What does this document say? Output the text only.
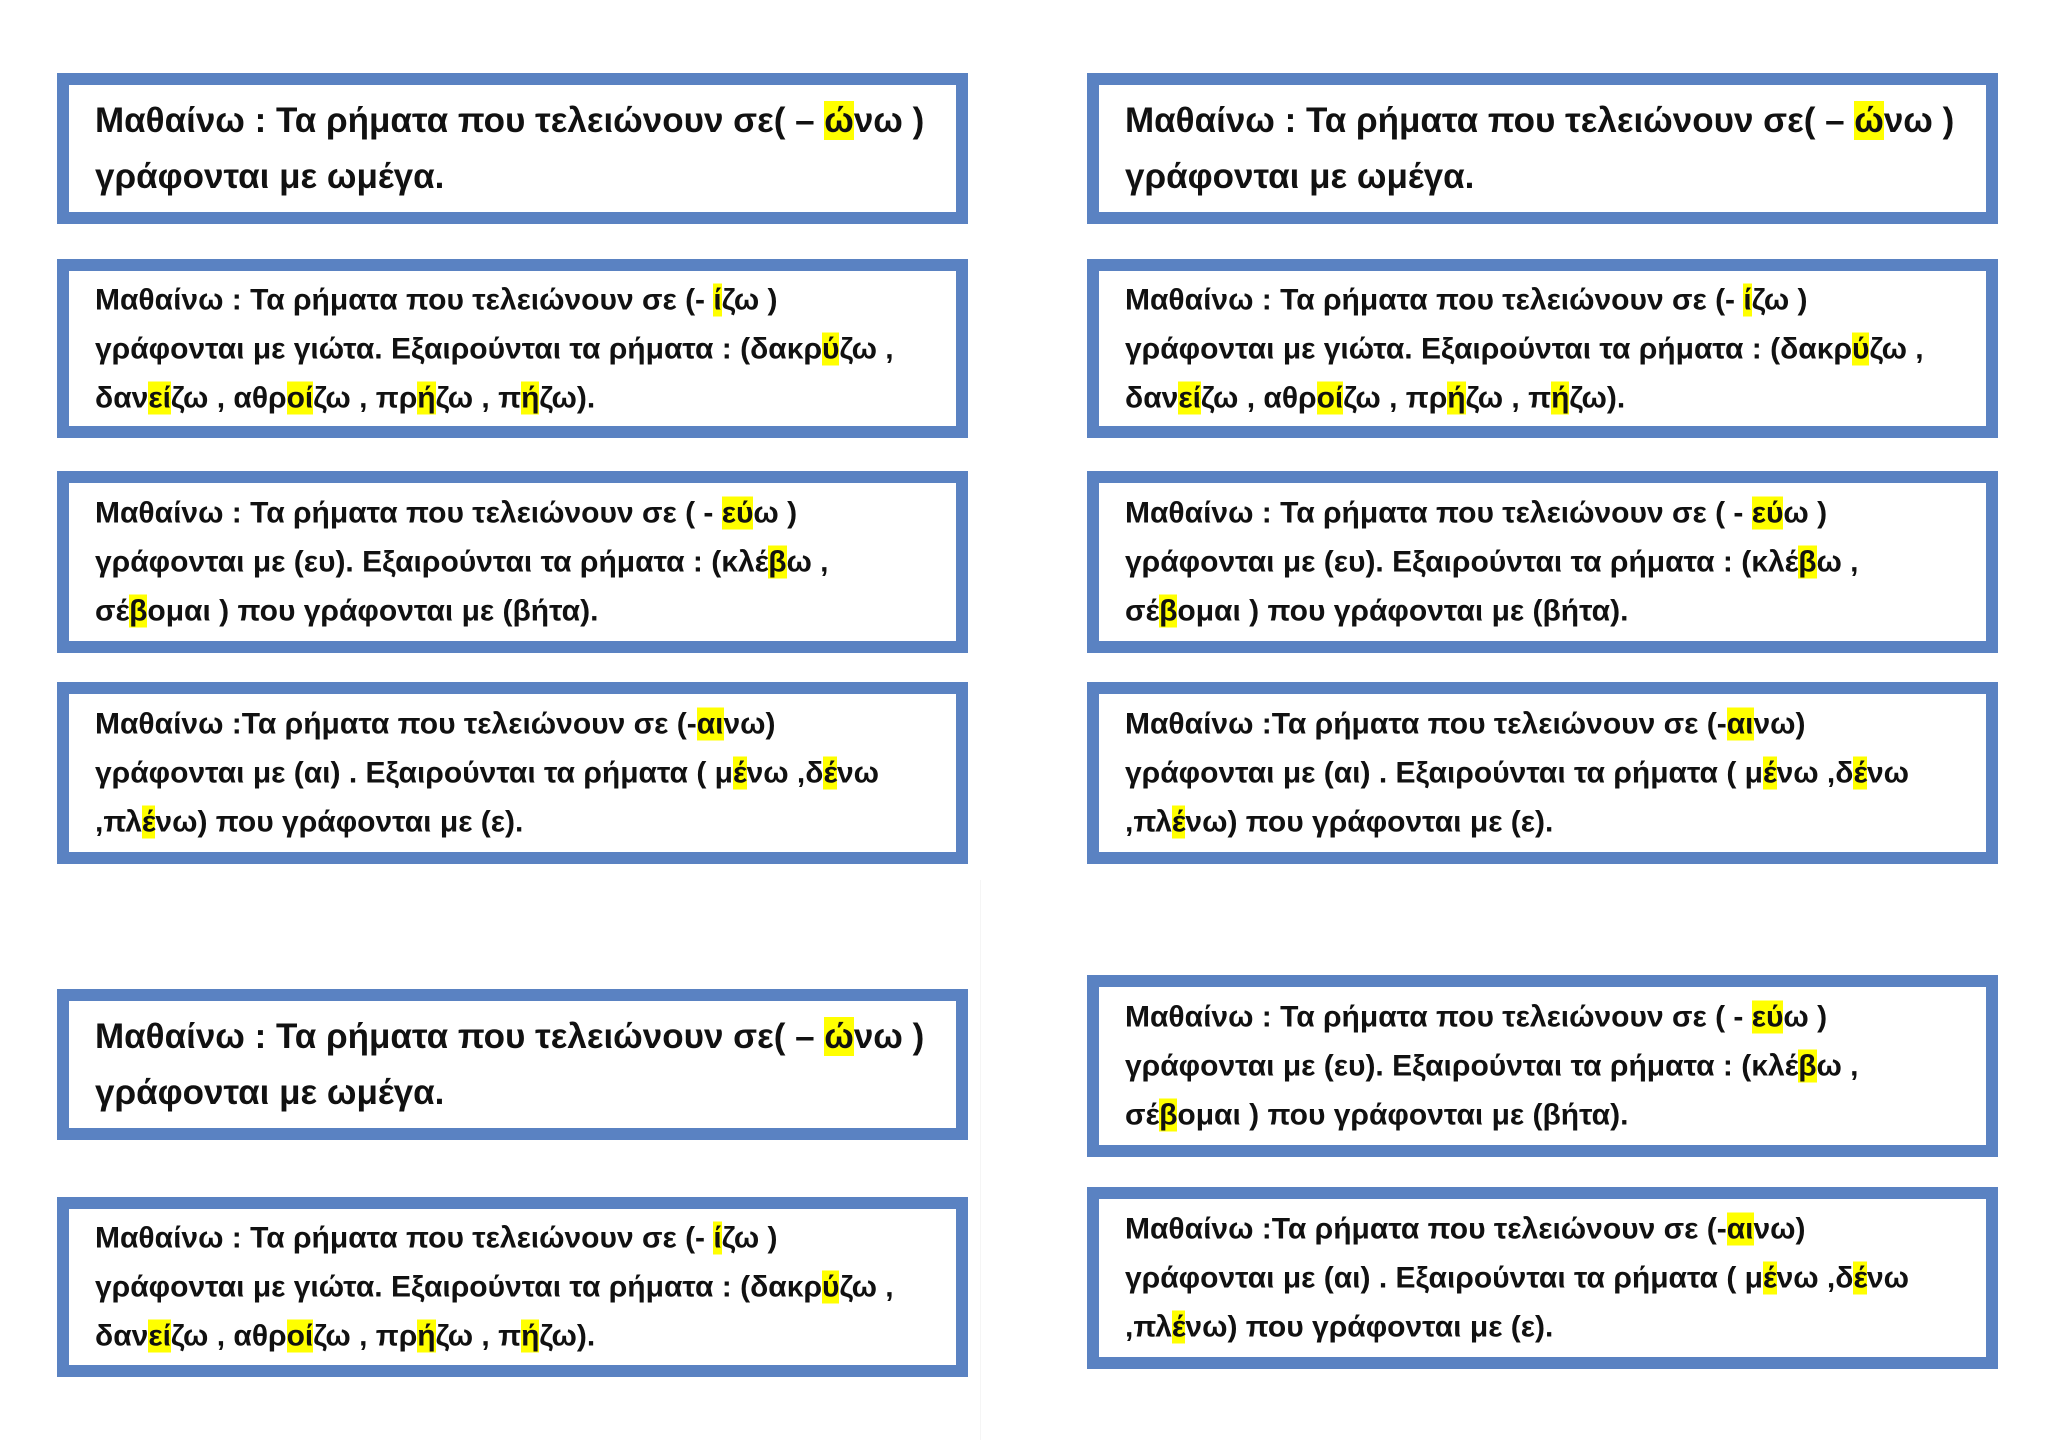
Μαθαίνω : Τα ρήματα που τελειώνουν σε( – ώνω )

γράφονται με ωμέγα.

Μαθαίνω : Τα ρήματα που τελειώνουν σε (- ίζω )

γράφονται με γιώτα. Εξαιρούνται τα ρήματα : (δακρύζω ,

δανείζω , αθροίζω , πρήζω , πήζω).

Μαθαίνω : Τα ρήματα που τελειώνουν σε ( - εύω )

γράφονται με (ευ). Εξαιρούνται τα ρήματα : (κλέβω ,

σέβομαι ) που γράφονται με (βήτα).

Μαθαίνω :Τα ρήματα που τελειώνουν σε (-αινω)

γράφονται με (αι) . Εξαιρούνται τα ρήματα ( μένω ,δένω

,πλένω) που γράφονται με (ε).

Μαθαίνω : Τα ρήματα που τελειώνουν σε( – ώνω )

γράφονται με ωμέγα.

Μαθαίνω : Τα ρήματα που τελειώνουν σε (- ίζω )

γράφονται με γιώτα. Εξαιρούνται τα ρήματα : (δακρύζω ,

δανείζω , αθροίζω , πρήζω , πήζω).

Μαθαίνω : Τα ρήματα που τελειώνουν σε( – ώνω )

γράφονται με ωμέγα.

Μαθαίνω : Τα ρήματα που τελειώνουν σε (- ίζω )

γράφονται με γιώτα. Εξαιρούνται τα ρήματα : (δακρύζω ,

δανείζω , αθροίζω , πρήζω , πήζω).

Μαθαίνω : Τα ρήματα που τελειώνουν σε ( - εύω )

γράφονται με (ευ). Εξαιρούνται τα ρήματα : (κλέβω ,

σέβομαι ) που γράφονται με (βήτα).

Μαθαίνω :Τα ρήματα που τελειώνουν σε (-αινω)

γράφονται με (αι) . Εξαιρούνται τα ρήματα ( μένω ,δένω

,πλένω) που γράφονται με (ε).

Μαθαίνω : Τα ρήματα που τελειώνουν σε ( - εύω )

γράφονται με (ευ). Εξαιρούνται τα ρήματα : (κλέβω ,

σέβομαι ) που γράφονται με (βήτα).

Μαθαίνω :Τα ρήματα που τελειώνουν σε (-αινω)

γράφονται με (αι) . Εξαιρούνται τα ρήματα ( μένω ,δένω

,πλένω) που γράφονται με (ε).
